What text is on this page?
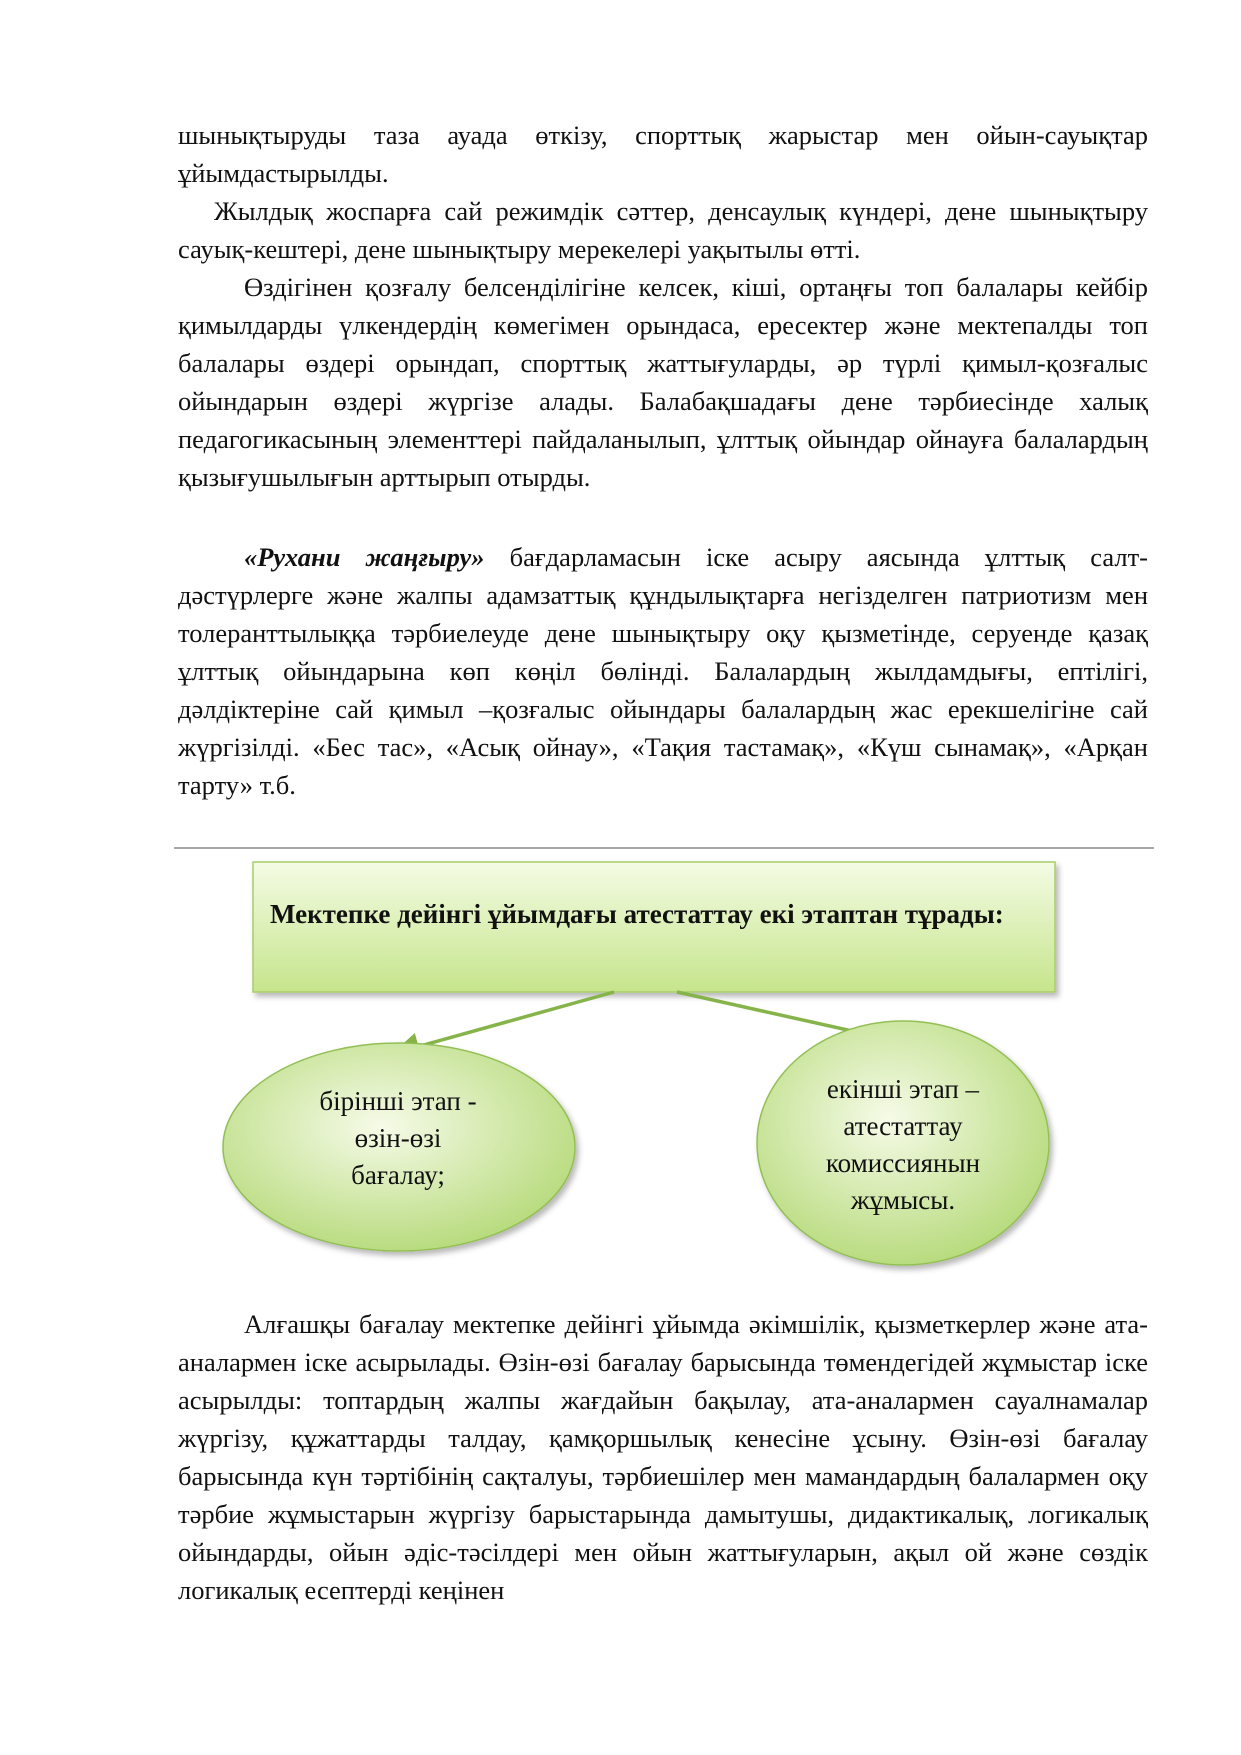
шынықтыруды таза ауада өткізу, спорттық жарыстар мен ойын-сауықтар ұйымдастырылды.

Жылдық жоспарға сай режимдік сәттер, денсаулық күндері, дене шынықтыру сауық-кештері, дене шынықтыру мерекелері уақытылы өтті.

Өздігінен қозғалу белсенділігіне келсек, кіші, ортаңғы топ балалары кейбір қимылдарды үлкендердің көмегімен орындаса, ересектер және мектепалды топ балалары өздері орындап, спорттық жаттығуларды, әр түрлі қимыл-қозғалыс ойындарын өздері жүргізе алады. Балабақшадағы дене тәрбиесінде халық педагогикасының элементтері пайдаланылып, ұлттық ойындар ойнауға балалардың қызығушылығын арттырып отырды.

«Рухани жаңғыру» бағдарламасын іске асыру аясында ұлттық салт-дәстүрлерге және жалпы адамзаттық құндылықтарға негізделген патриотизм мен толеранттылыққа тәрбиелеуде дене шынықтыру оқу қызметінде, серуенде қазақ ұлттық ойындарына көп көңіл бөлінді. Балалардың жылдамдығы, ептілігі, дәлдіктеріне сай қимыл –қозғалыс ойындары балалардың жас ерекшелігіне сай жүргізілді. «Бес тас», «Асық ойнау», «Тақия тастамақ», «Күш сынамақ», «Арқан тарту» т.б.

Мектепке дейінгі ұйымдағы атестаттау екі этаптан тұрады:
бірінші этап -
өзін-өзі
бағалау;
екінші этап –
атестаттау
комиссиянын
жұмысы.

Алғашқы бағалау мектепке дейінгі ұйымда әкімшілік, қызметкерлер және ата-аналармен іске асырылады. Өзін-өзі бағалау барысында төмендегідей жұмыстар іске асырылды: топтардың жалпы жағдайын бақылау, ата-аналармен сауалнамалар жүргізу, құжаттарды талдау, қамқоршылық кенесіне ұсыну. Өзін-өзі бағалау барысында күн тәртібінің сақталуы, тәрбиешілер мен мамандардың балалармен оқу тәрбие жұмыстарын жүргізу барыстарында дамытушы, дидактикалық, логикалық ойындарды, ойын әдіс-тәсілдері мен ойын жаттығуларын, ақыл ой және сөздік логикалық есептерді кеңінен
